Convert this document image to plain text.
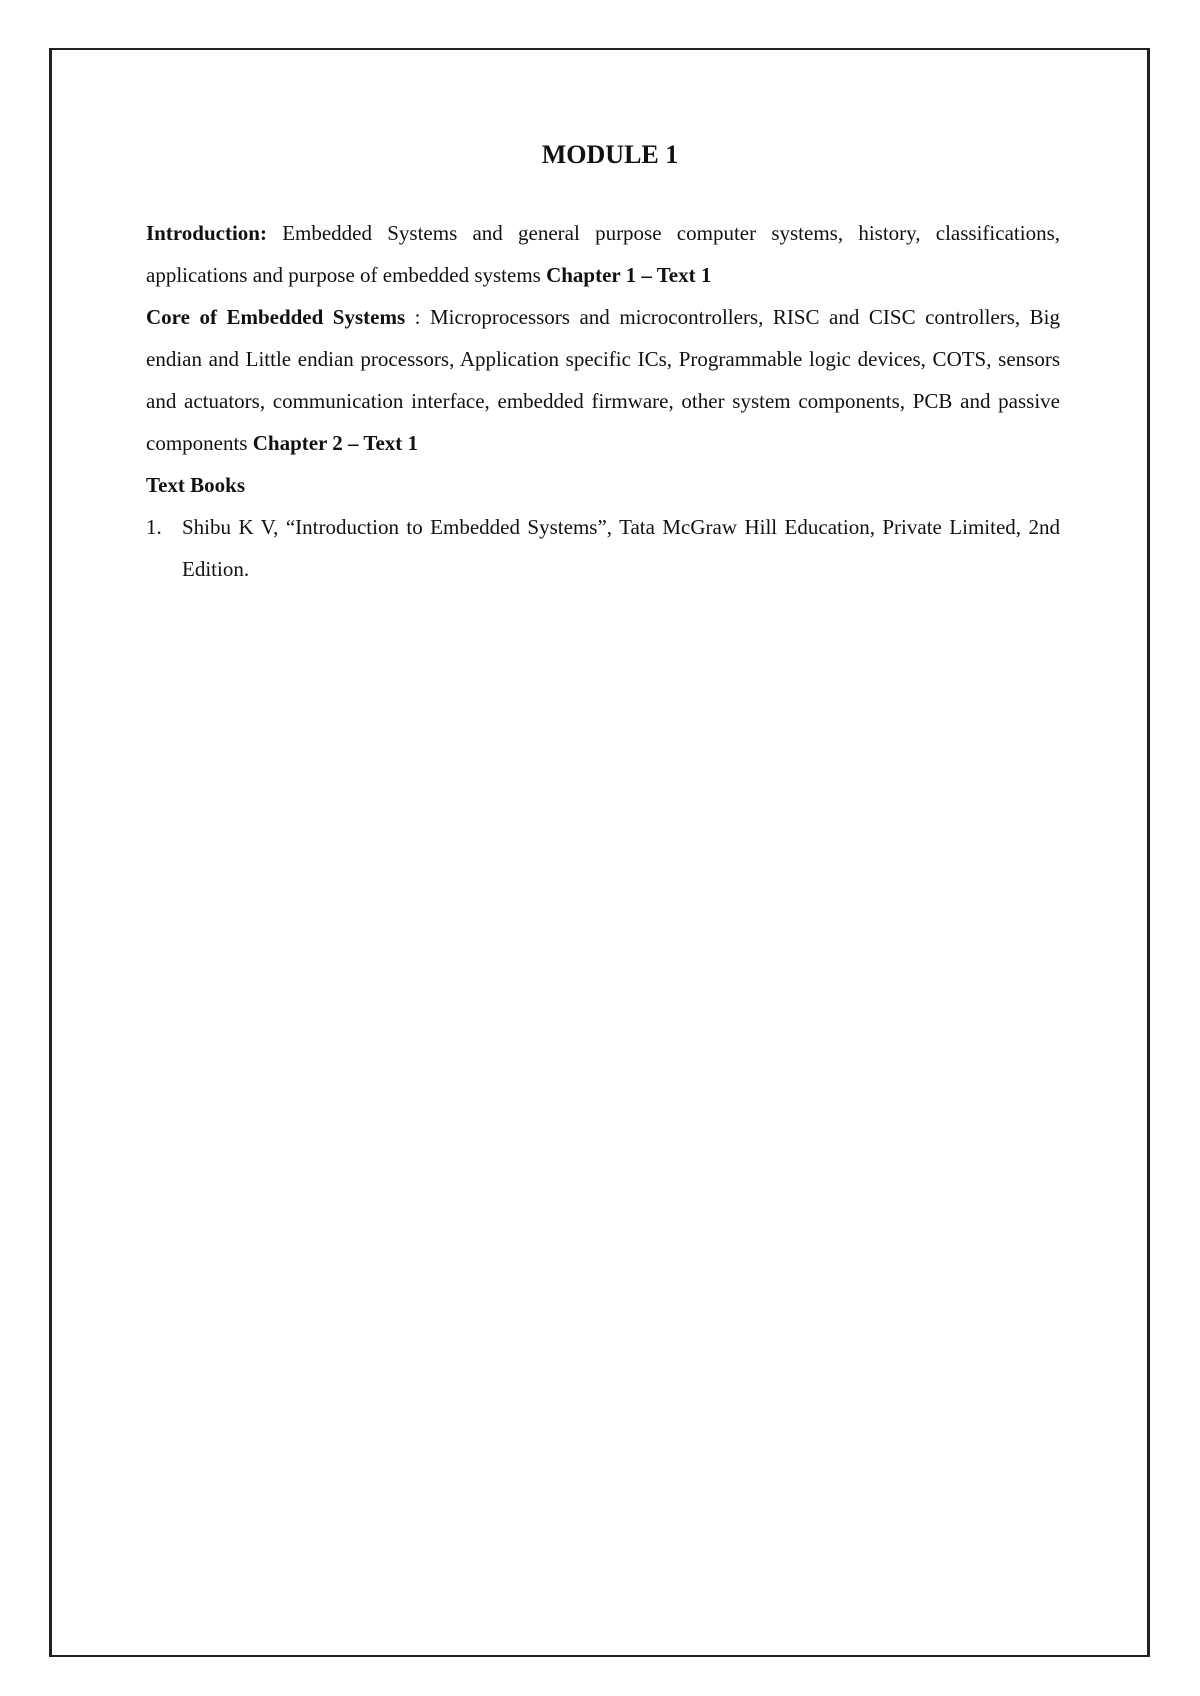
MODULE 1

Introduction: Embedded Systems and general purpose computer systems, history, classifications, applications and purpose of embedded systems Chapter 1 – Text 1

Core of Embedded Systems : Microprocessors and microcontrollers, RISC and CISC controllers, Big endian and Little endian processors, Application specific ICs, Programmable logic devices, COTS, sensors and actuators, communication interface, embedded firmware, other system components, PCB and passive components Chapter 2 – Text 1

Text Books

1. Shibu K V, “Introduction to Embedded Systems”, Tata McGraw Hill Education, Private Limited, 2nd Edition.
